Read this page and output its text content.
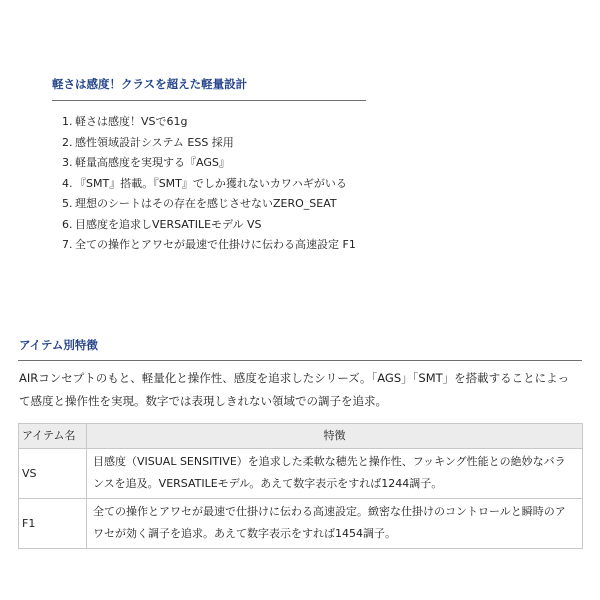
軽さは感度！クラスを超えた軽量設計
1. 軽さは感度！VSで61g
2. 感性領域設計システム ESS 採用
3. 軽量高感度を実現する『AGS』
4. 『SMT』搭載。『SMT』でしか獲れないカワハギがいる
5. 理想のシートはその存在を感じさせないZERO_SEAT
6. 目感度を追求しVERSATILEモデル VS
7. 全ての操作とアワセが最速で仕掛けに伝わる高速設定 F1
アイテム別特徴
AIRコンセプトのもと、軽量化と操作性、感度を追求したシリーズ。「AGS」「SMT」を搭載することによって感度と操作性を実現。数字では表現しきれない領域での調子を追求。
アイテム名	特徴
VS	目感度（VISUAL SENSITIVE）を追求した柔軟な穂先と操作性、フッキング性能との絶妙なバランスを追及。VERSATILEモデル。あえて数字表示をすれば1244調子。
F1	全ての操作とアワセが最速で仕掛けに伝わる高速設定。緻密な仕掛けのコントロールと瞬時のアワセが効く調子を追求。あえて数字表示をすれば1454調子。
